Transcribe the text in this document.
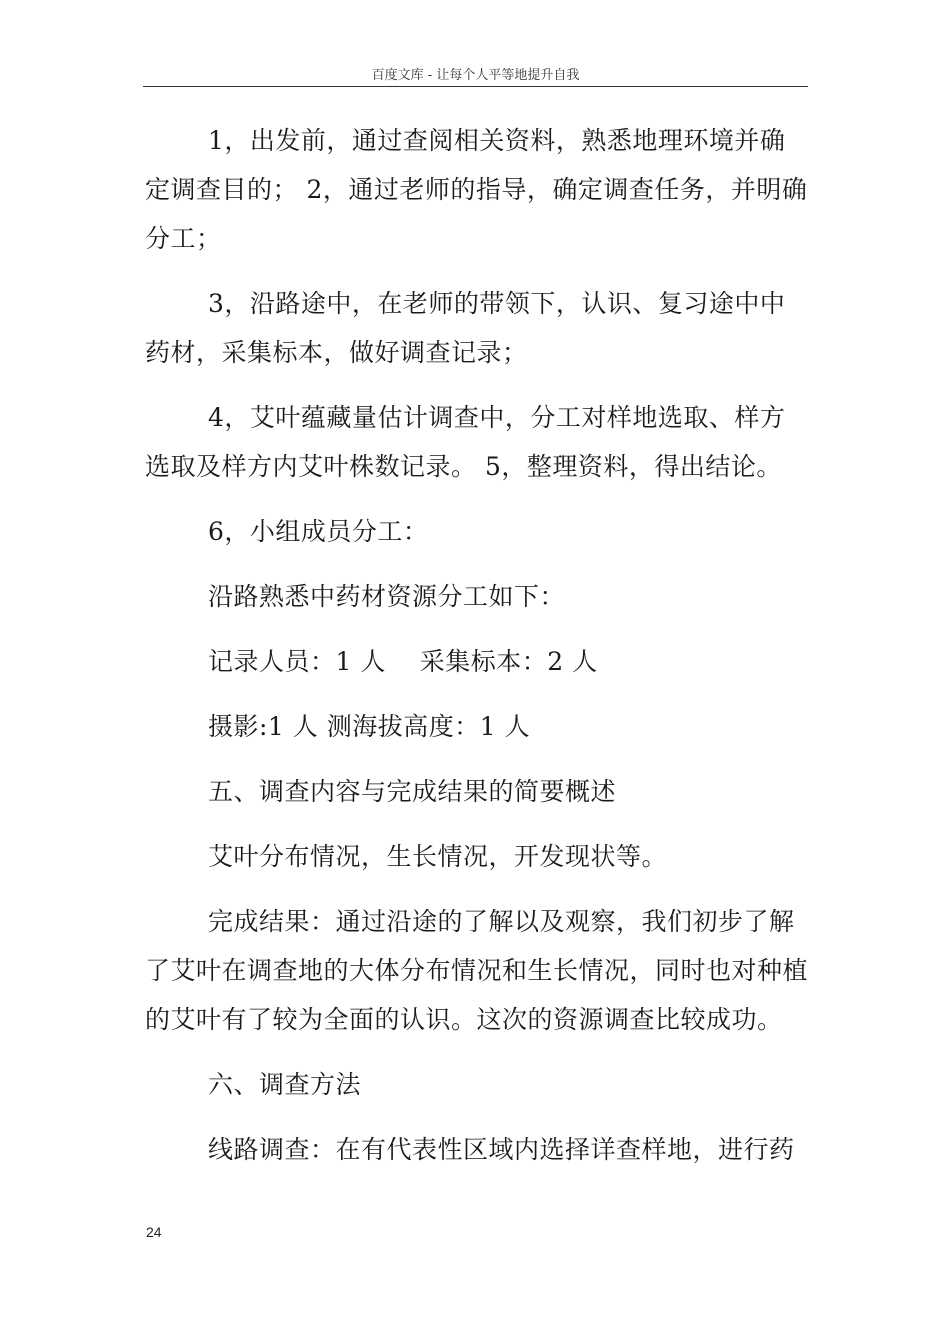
百度文库 - 让每个人平等地提升自我

1，出发前，通过查阅相关资料，熟悉地理环境并确定调查目的； 2，通过老师的指导，确定调查任务，并明确分工；

3，沿路途中，在老师的带领下，认识、复习途中中药材，采集标本，做好调查记录；

4，艾叶蕴藏量估计调查中，分工对样地选取、样方选取及样方内艾叶株数记录。 5，整理资料，得出结论。

6，小组成员分工：

沿路熟悉中药材资源分工如下：

记录人员：1 人　 采集标本：2 人

摄影:1 人 测海拔高度：1 人

五、调查内容与完成结果的简要概述

艾叶分布情况，生长情况，开发现状等。

完成结果：通过沿途的了解以及观察，我们初步了解了艾叶在调查地的大体分布情况和生长情况，同时也对种植的艾叶有了较为全面的认识。这次的资源调查比较成功。

六、调查方法

线路调查：在有代表性区域内选择详查样地，进行药

24
